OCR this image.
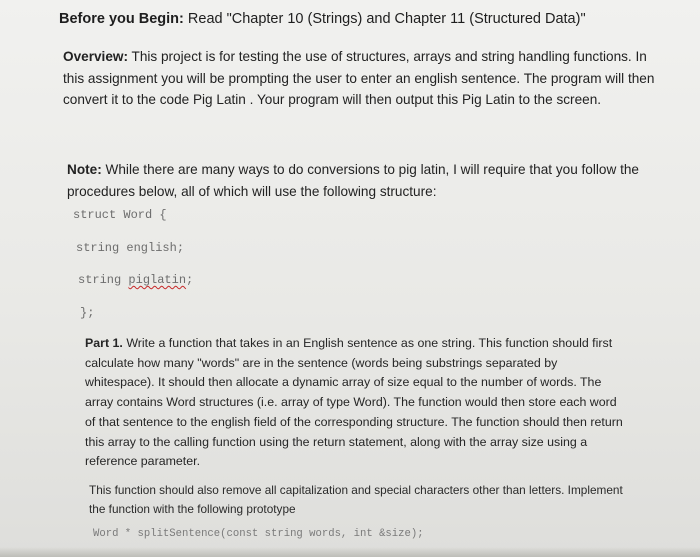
Before you Begin: Read "Chapter 10 (Strings) and Chapter 11 (Structured Data)"
Overview: This project is for testing the use of structures, arrays and string handling functions. In this assignment you will be prompting the user to enter an english sentence. The program will then convert it to the code Pig Latin . Your program will then output this Pig Latin to the screen.
Note: While there are many ways to do conversions to pig latin, I will require that you follow the procedures below, all of which will use the following structure:
struct Word {
string english;
string piglatin;
};
Part 1. Write a function that takes in an English sentence as one string. This function should first calculate how many "words" are in the sentence (words being substrings separated by whitespace). It should then allocate a dynamic array of size equal to the number of words. The array contains Word structures (i.e. array of type Word). The function would then store each word of that sentence to the english field of the corresponding structure. The function should then return this array to the calling function using the return statement, along with the array size using a reference parameter.
This function should also remove all capitalization and special characters other than letters. Implement the function with the following prototype
Word * splitSentence(const string words, int &size);
